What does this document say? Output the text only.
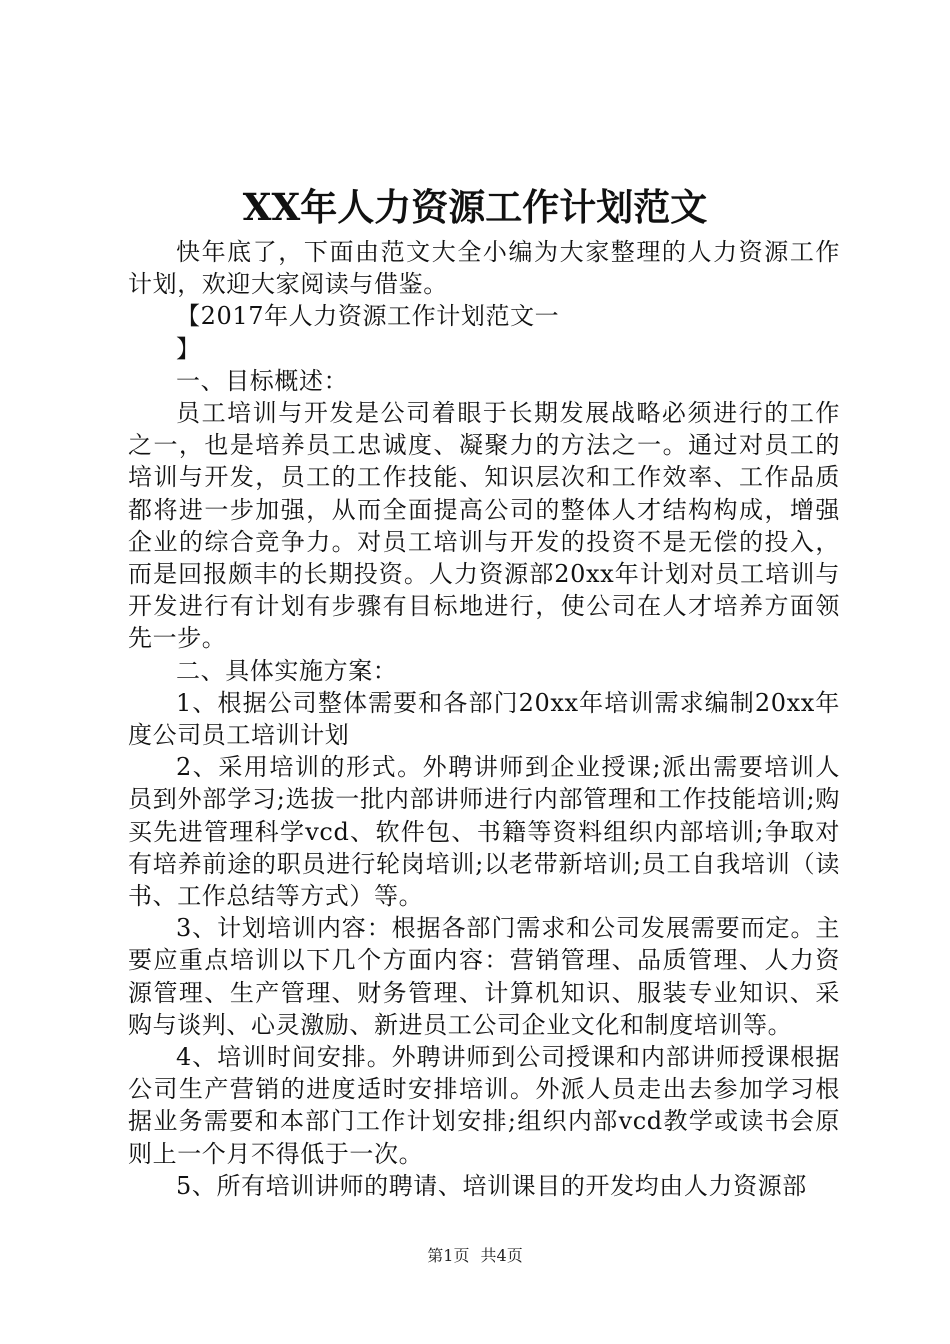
XX年人力资源工作计划范文

快年底了，下面由范文大全小编为大家整理的人力资源工作计划，欢迎大家阅读与借鉴。

【2017年人力资源工作计划范文一

】

一、目标概述：

员工培训与开发是公司着眼于长期发展战略必须进行的工作之一，也是培养员工忠诚度、凝聚力的方法之一。通过对员工的培训与开发，员工的工作技能、知识层次和工作效率、工作品质都将进一步加强，从而全面提高公司的整体人才结构构成，增强企业的综合竞争力。对员工培训与开发的投资不是无偿的投入，而是回报颇丰的长期投资。人力资源部20xx年计划对员工培训与开发进行有计划有步骤有目标地进行，使公司在人才培养方面领先一步。

二、具体实施方案：

1、根据公司整体需要和各部门20xx年培训需求编制20xx年度公司员工培训计划

2、采用培训的形式。外聘讲师到企业授课;派出需要培训人员到外部学习;选拔一批内部讲师进行内部管理和工作技能培训;购买先进管理科学vcd、软件包、书籍等资料组织内部培训;争取对有培养前途的职员进行轮岗培训;以老带新培训;员工自我培训（读书、工作总结等方式）等。

3、计划培训内容：根据各部门需求和公司发展需要而定。主要应重点培训以下几个方面内容：营销管理、品质管理、人力资源管理、生产管理、财务管理、计算机知识、服装专业知识、采购与谈判、心灵激励、新进员工公司企业文化和制度培训等。

4、培训时间安排。外聘讲师到公司授课和内部讲师授课根据公司生产营销的进度适时安排培训。外派人员走出去参加学习根据业务需要和本部门工作计划安排;组织内部vcd教学或读书会原则上一个月不得低于一次。

5、所有培训讲师的聘请、培训课目的开发均由人力资源部

第1页 共4页
